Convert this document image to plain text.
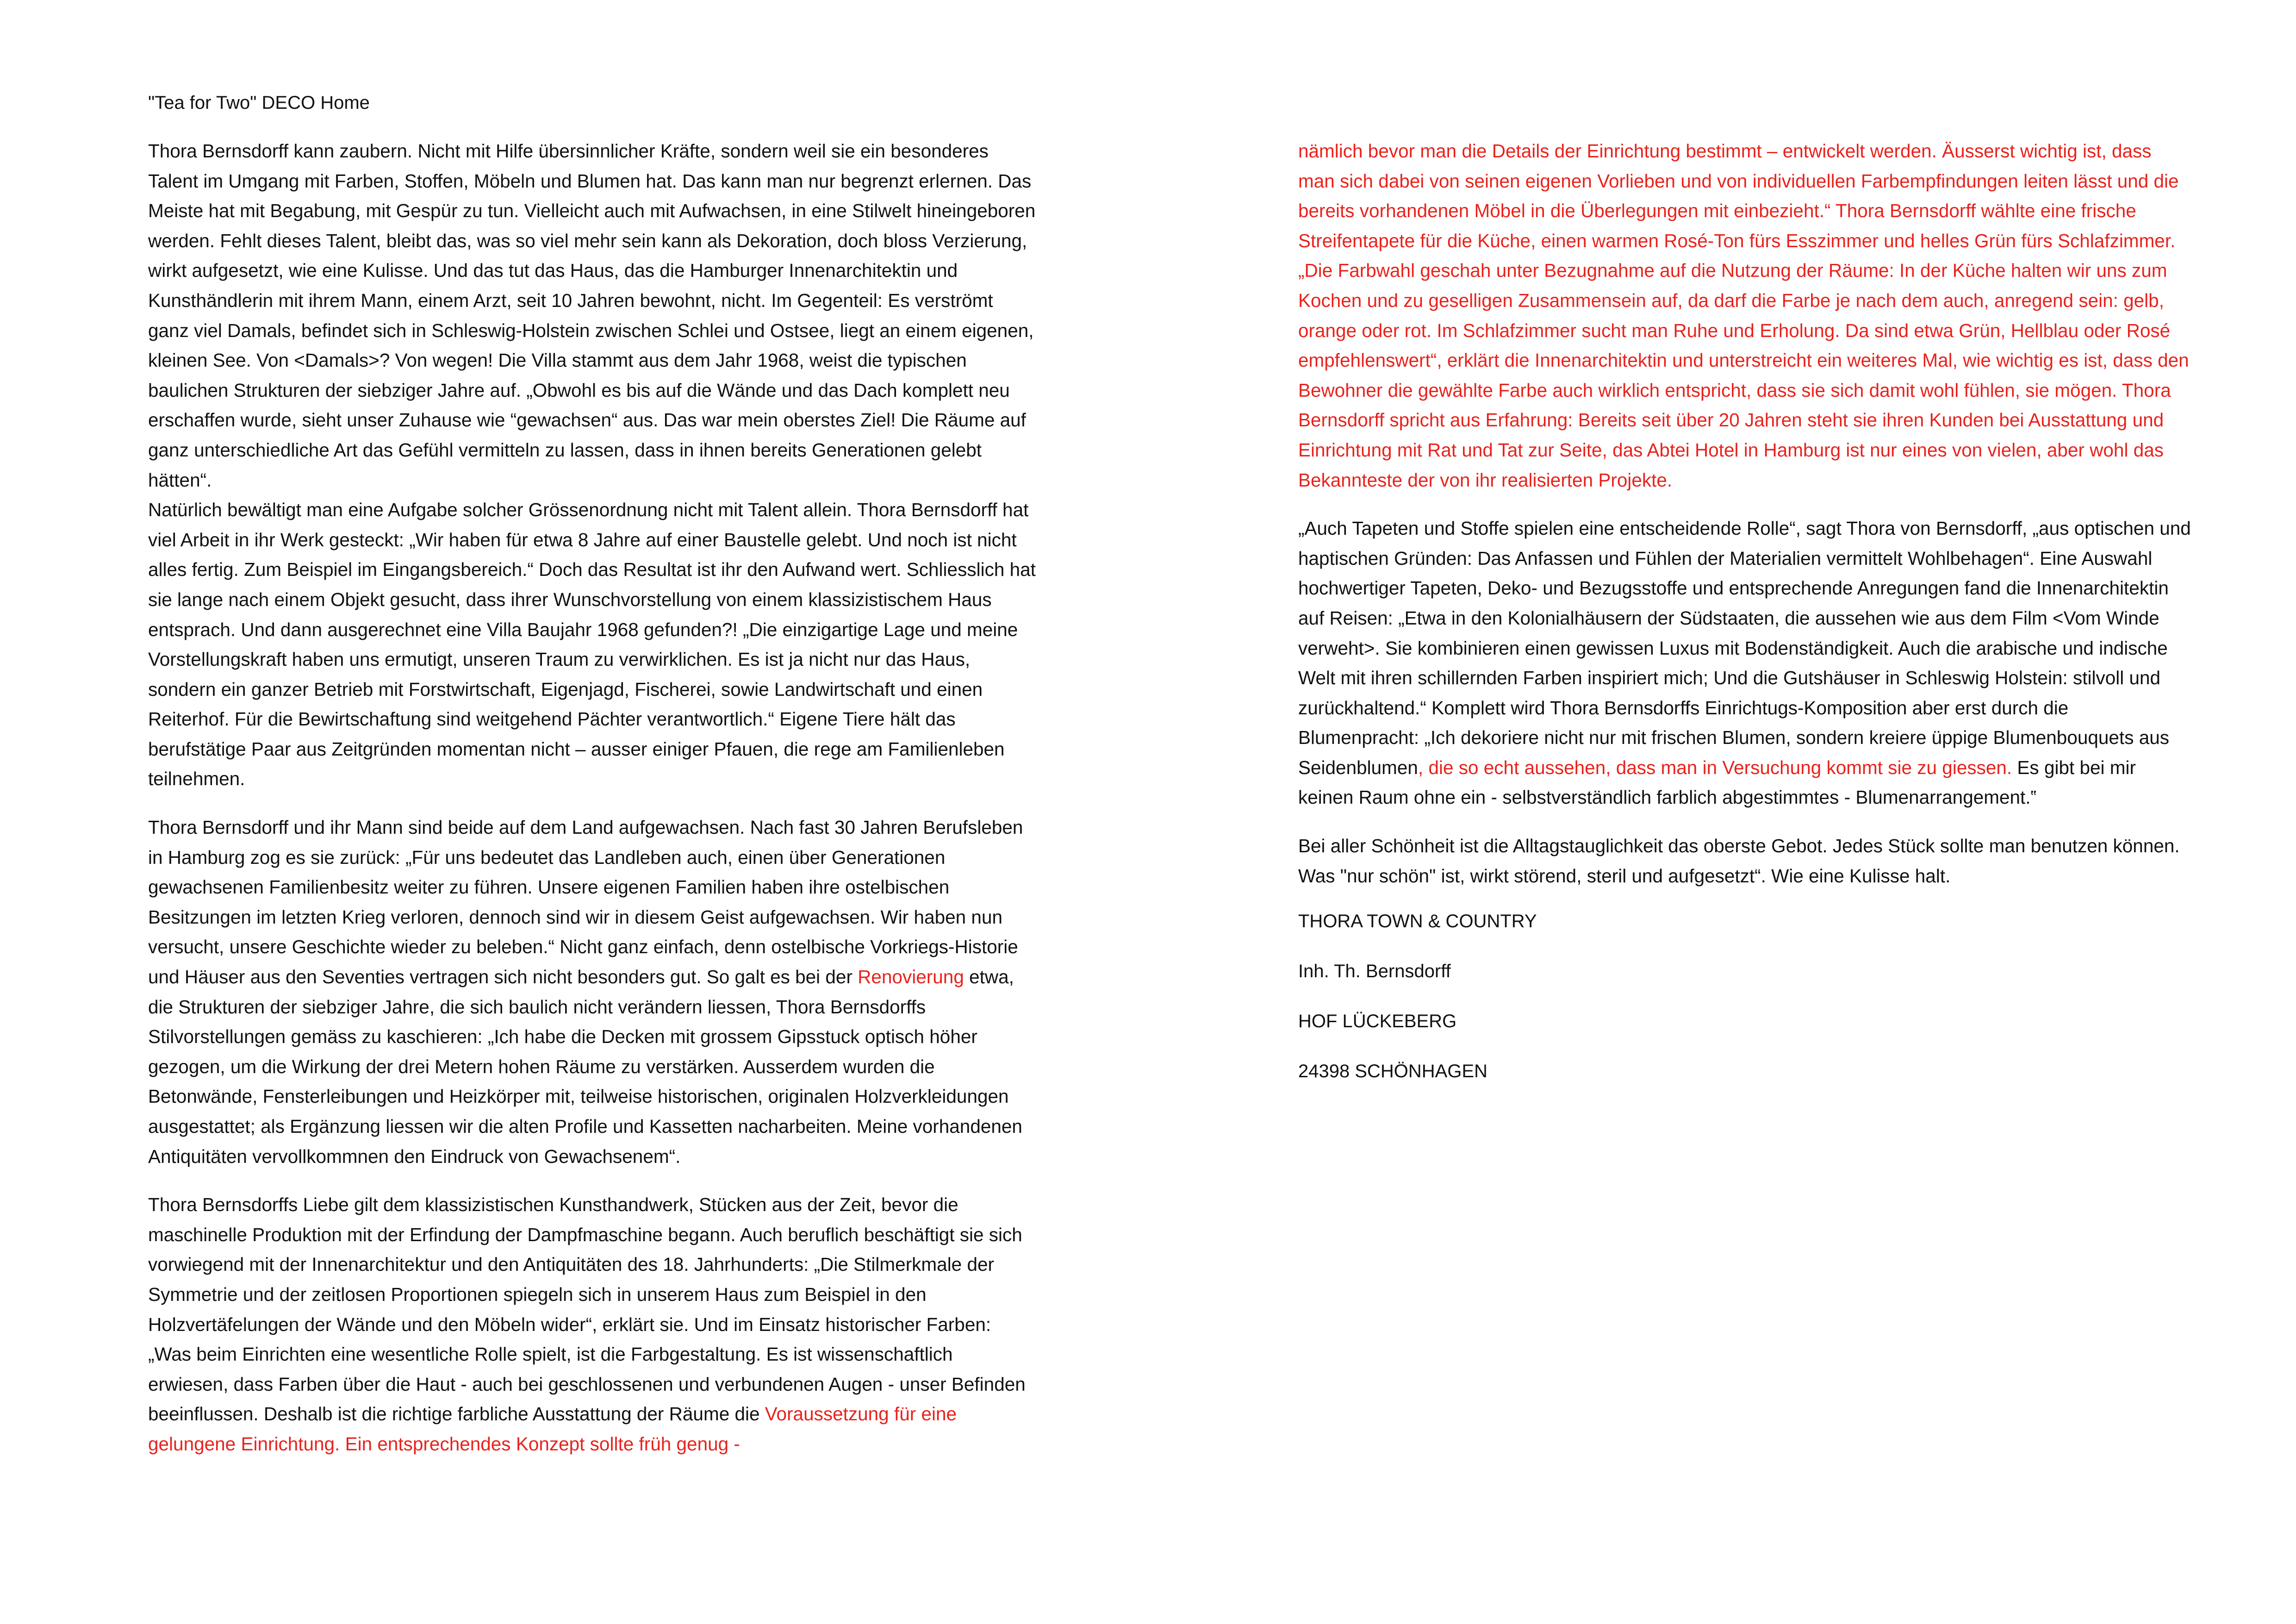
"Tea for Two" DECO Home

Thora Bernsdorff kann zaubern. Nicht mit Hilfe übersinnlicher Kräfte, sondern weil sie ein besonderes Talent im Umgang mit Farben, Stoffen, Möbeln und Blumen hat. Das kann man nur begrenzt erlernen. Das Meiste hat mit Begabung, mit Gespür zu tun. Vielleicht auch mit Aufwachsen, in eine Stilwelt hineingeboren werden. Fehlt dieses Talent, bleibt das, was so viel mehr sein kann als Dekoration, doch bloss Verzierung, wirkt aufgesetzt, wie eine Kulisse. Und das tut das Haus, das die Hamburger Innenarchitektin und Kunsthändlerin mit ihrem Mann, einem Arzt, seit 10 Jahren bewohnt, nicht. Im Gegenteil: Es verströmt ganz viel Damals, befindet sich in Schleswig-Holstein zwischen Schlei und Ostsee, liegt an einem eigenen, kleinen See. Von <Damals>? Von wegen! Die Villa stammt aus dem Jahr 1968, weist die typischen baulichen Strukturen der siebziger Jahre auf. „Obwohl es bis auf die Wände und das Dach komplett neu erschaffen wurde, sieht unser Zuhause wie “gewachsen“ aus. Das war mein oberstes Ziel! Die Räume auf ganz unterschiedliche Art das Gefühl vermitteln zu lassen, dass in ihnen bereits Generationen gelebt hätten“.
Natürlich bewältigt man eine Aufgabe solcher Grössenordnung nicht mit Talent allein. Thora Bernsdorff hat viel Arbeit in ihr Werk gesteckt: „Wir haben für etwa 8 Jahre auf einer Baustelle gelebt. Und noch ist nicht alles fertig. Zum Beispiel im Eingangsbereich.“ Doch das Resultat ist ihr den Aufwand wert. Schliesslich hat sie lange nach einem Objekt gesucht, dass ihrer Wunschvorstellung von einem klassizistischem Haus entsprach. Und dann ausgerechnet eine Villa Baujahr 1968 gefunden?! „Die einzigartige Lage und meine Vorstellungskraft haben uns ermutigt, unseren Traum zu verwirklichen. Es ist ja nicht nur das Haus, sondern ein ganzer Betrieb mit Forstwirtschaft, Eigenjagd, Fischerei, sowie Landwirtschaft und einen Reiterhof. Für die Bewirtschaftung sind weitgehend Pächter verantwortlich.“ Eigene Tiere hält das berufstätige Paar aus Zeitgründen momentan nicht – ausser einiger Pfauen, die rege am Familienleben teilnehmen.

Thora Bernsdorff und ihr Mann sind beide auf dem Land aufgewachsen. Nach fast 30 Jahren Berufsleben in Hamburg zog es sie zurück: „Für uns bedeutet das Landleben auch, einen über Generationen gewachsenen Familienbesitz weiter zu führen. Unsere eigenen Familien haben ihre ostelbischen Besitzungen im letzten Krieg verloren, dennoch sind wir in diesem Geist aufgewachsen. Wir haben nun versucht, unsere Geschichte wieder zu beleben.“ Nicht ganz einfach, denn ostelbische Vorkriegs-Historie und Häuser aus den Seventies vertragen sich nicht besonders gut. So galt es bei der Renovierung etwa, die Strukturen der siebziger Jahre, die sich baulich nicht verändern liessen, Thora Bernsdorffs Stilvorstellungen gemäss zu kaschieren: „Ich habe die Decken mit grossem Gipsstuck optisch höher gezogen, um die Wirkung der drei Metern hohen Räume zu verstärken. Ausserdem wurden die Betonwände, Fensterleibungen und Heizkörper mit, teilweise historischen, originalen Holzverkleidungen ausgestattet; als Ergänzung liessen wir die alten Profile und Kassetten nacharbeiten. Meine vorhandenen Antiquitäten vervollkommnen den Eindruck von Gewachsenem“.

Thora Bernsdorffs Liebe gilt dem klassizistischen Kunsthandwerk, Stücken aus der Zeit, bevor die maschinelle Produktion mit der Erfindung der Dampfmaschine begann. Auch beruflich beschäftigt sie sich vorwiegend mit der Innenarchitektur und den Antiquitäten des 18. Jahrhunderts: „Die Stilmerkmale der Symmetrie und der zeitlosen Proportionen spiegeln sich in unserem Haus zum Beispiel in den Holzvertäfelungen der Wände und den Möbeln wider“, erklärt sie. Und im Einsatz historischer Farben: „Was beim Einrichten eine wesentliche Rolle spielt, ist die Farbgestaltung. Es ist wissenschaftlich erwiesen, dass Farben über die Haut - auch bei geschlossenen und verbundenen Augen - unser Befinden beeinflussen. Deshalb ist die richtige farbliche Ausstattung der Räume die Voraussetzung für eine gelungene Einrichtung. Ein entsprechendes Konzept sollte früh genug -

nämlich bevor man die Details der Einrichtung bestimmt – entwickelt werden. Äusserst wichtig ist, dass man sich dabei von seinen eigenen Vorlieben und von individuellen Farbempfindungen leiten lässt und die bereits vorhandenen Möbel in die Überlegungen mit einbezieht.“ Thora Bernsdorff wählte eine frische Streifentapete für die Küche, einen warmen Rosé-Ton fürs Esszimmer und helles Grün fürs Schlafzimmer. „Die Farbwahl geschah unter Bezugnahme auf die Nutzung der Räume: In der Küche halten wir uns zum Kochen und zu geselligen Zusammensein auf, da darf die Farbe je nach dem auch, anregend sein: gelb, orange oder rot. Im Schlafzimmer sucht man Ruhe und Erholung. Da sind etwa Grün, Hellblau oder Rosé empfehlenswert“, erklärt die Innenarchitektin und unterstreicht ein weiteres Mal, wie wichtig es ist, dass den Bewohner die gewählte Farbe auch wirklich entspricht, dass sie sich damit wohl fühlen, sie mögen. Thora Bernsdorff spricht aus Erfahrung: Bereits seit über 20 Jahren steht sie ihren Kunden bei Ausstattung und Einrichtung mit Rat und Tat zur Seite, das Abtei Hotel in Hamburg ist nur eines von vielen, aber wohl das Bekannteste der von ihr realisierten Projekte.

„Auch Tapeten und Stoffe spielen eine entscheidende Rolle“, sagt Thora von Bernsdorff, „aus optischen und haptischen Gründen: Das Anfassen und Fühlen der Materialien vermittelt Wohlbehagen“. Eine Auswahl hochwertiger Tapeten, Deko- und Bezugsstoffe und entsprechende Anregungen fand die Innenarchitektin auf Reisen: „Etwa in den Kolonialhäusern der Südstaaten, die aussehen wie aus dem Film <Vom Winde verweht>. Sie kombinieren einen gewissen Luxus mit Bodenständigkeit. Auch die arabische und indische Welt mit ihren schillernden Farben inspiriert mich; Und die Gutshäuser in Schleswig Holstein: stilvoll und zurückhaltend.“ Komplett wird Thora Bernsdorffs Einrichtugs-Komposition aber erst durch die Blumenpracht: „Ich dekoriere nicht nur mit frischen Blumen, sondern kreiere üppige Blumenbouquets aus Seidenblumen, die so echt aussehen, dass man in Versuchung kommt sie zu giessen. Es gibt bei mir keinen Raum ohne ein - selbstverständlich farblich abgestimmtes - Blumenarrangement.‟

Bei aller Schönheit ist die Alltagstauglichkeit das oberste Gebot. Jedes Stück sollte man benutzen können. Was "nur schön" ist, wirkt störend, steril und aufgesetzt“. Wie eine Kulisse halt.

THORA TOWN & COUNTRY
Inh. Th. Bernsdorff
HOF LÜCKEBERG
24398 SCHÖNHAGEN
